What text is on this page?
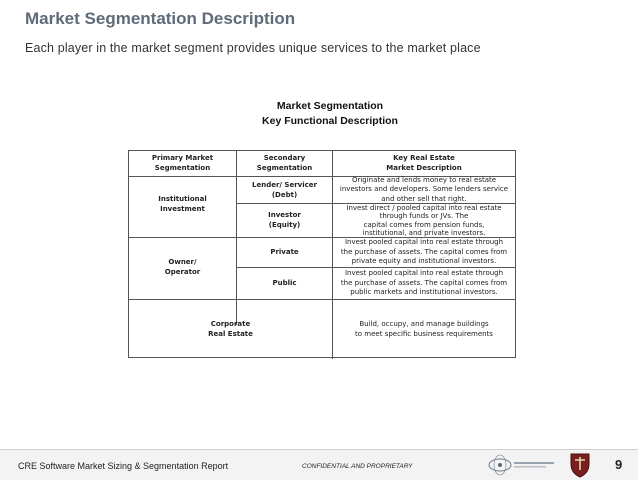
Market Segmentation Description
Each player in the market segment provides unique services to the market place
Market Segmentation
Key Functional Description
Primary Market
Segmentation
Secondary
Segmentation
Key Real Estate
Market Description
Institutional
Investment
Owner/
Operator
Corporate
Real Estate
Lender/ Servicer
(Debt)
Investor
(Equity)
Private
Public
Originate and lends money to real estate
investors and developers. Some lenders service
and other sell that right.
Invest direct / pooled capital into real estate
through funds or JVs. The
capital comes from pension funds,
institutional, and private investors.
Invest pooled capital into real estate through
the purchase of assets. The capital comes from
private equity and institutional investors.
Invest pooled capital into real estate through
the purchase of assets. The capital comes from
public markets and institutional investors.
Build, occupy, and manage buildings
to meet specific business requirements
CRE Software Market Sizing & Segmentation Report	CONFIDENTIAL AND PROPRIETARY	9
